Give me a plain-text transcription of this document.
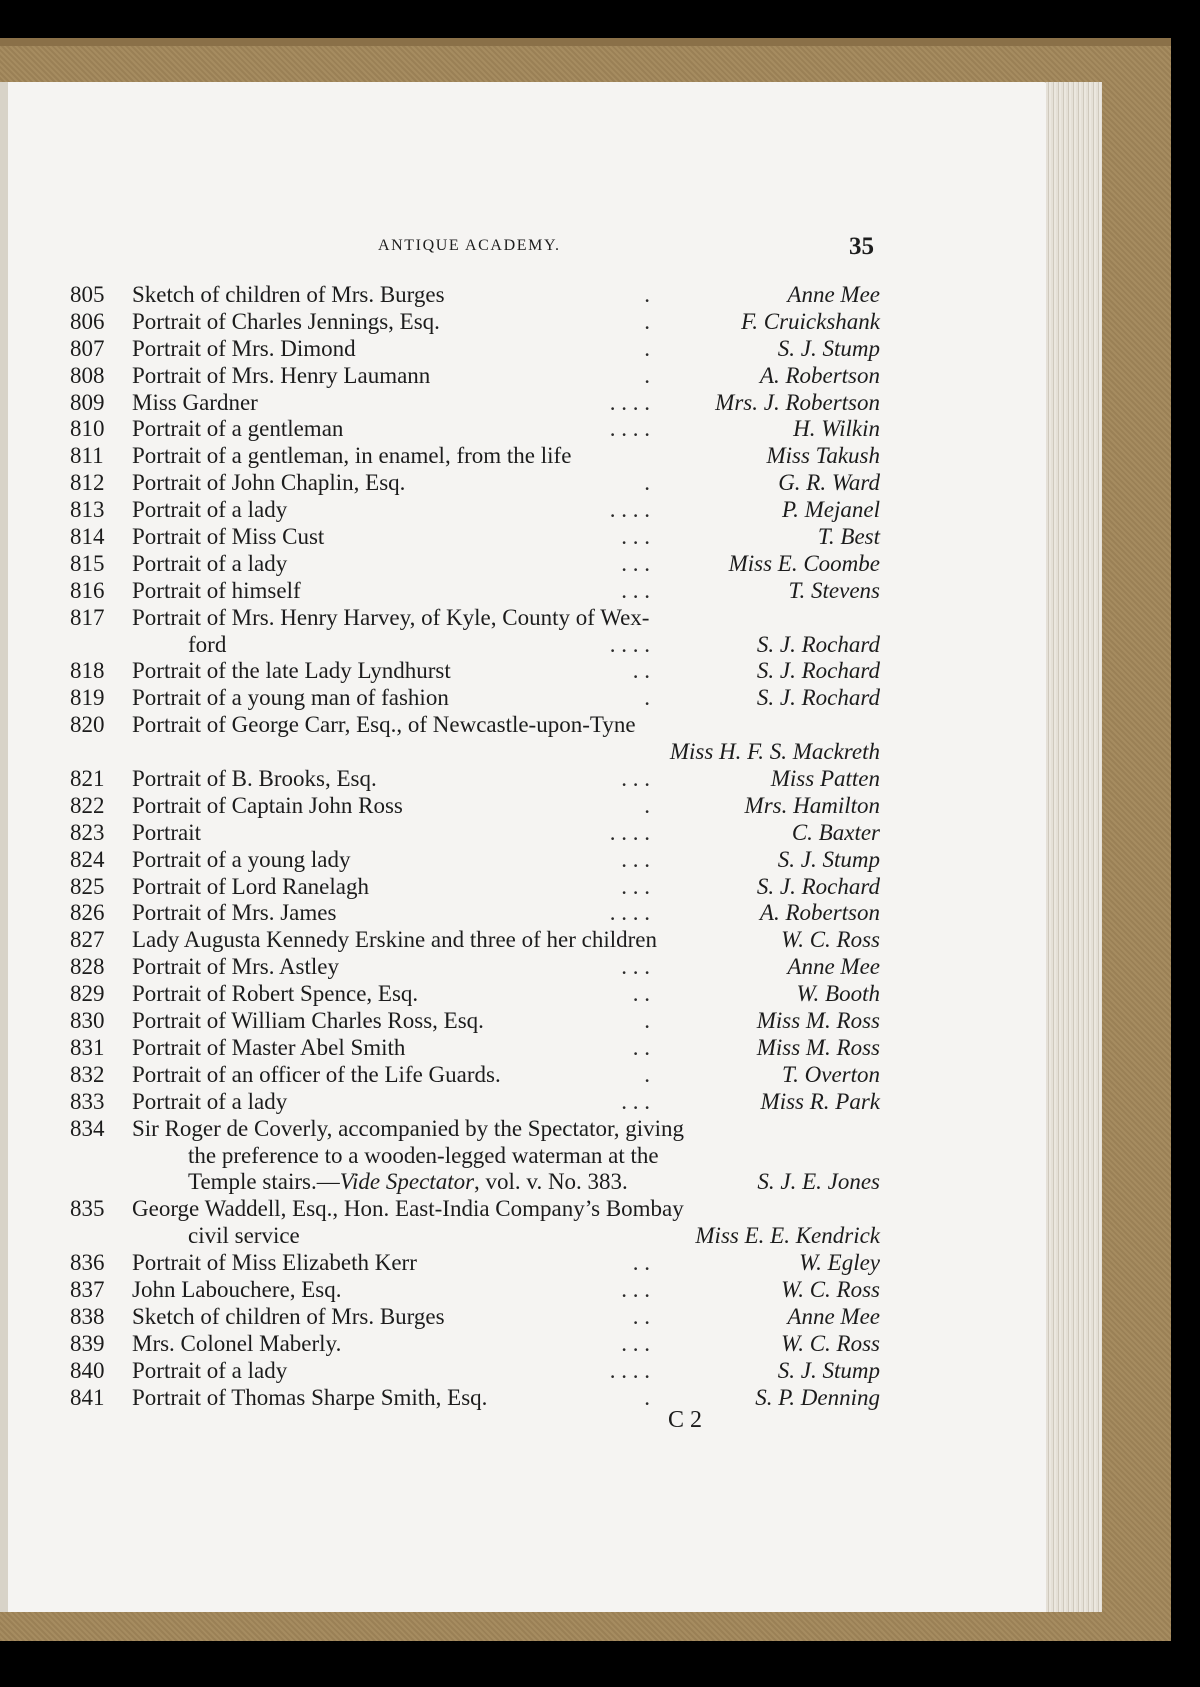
ANTIQUE ACADEMY.	35
805	Sketch of children of Mrs. Burges	.	Anne Mee
806	Portrait of Charles Jennings, Esq.	.	F. Cruickshank
807	Portrait of Mrs. Dimond	.	S. J. Stump
808	Portrait of Mrs. Henry Laumann	.	A. Robertson
809	Miss Gardner	. . . .	Mrs. J. Robertson
810	Portrait of a gentleman	. . . .	H. Wilkin
811	Portrait of a gentleman, in enamel, from the life	Miss Takush
812	Portrait of John Chaplin, Esq.	.	G. R. Ward
813	Portrait of a lady	. . . .	P. Mejanel
814	Portrait of Miss Cust	. . .	T. Best
815	Portrait of a lady	. . .	Miss E. Coombe
816	Portrait of himself	. . .	T. Stevens
817	Portrait of Mrs. Henry Harvey, of Kyle, County of Wex-
ford	. . . .	S. J. Rochard
818	Portrait of the late Lady Lyndhurst	. .	S. J. Rochard
819	Portrait of a young man of fashion	.	S. J. Rochard
820	Portrait of George Carr, Esq., of Newcastle-upon-Tyne
Miss H. F. S. Mackreth
821	Portrait of B. Brooks, Esq.	. . .	Miss Patten
822	Portrait of Captain John Ross	.	Mrs. Hamilton
823	Portrait	. . . .	C. Baxter
824	Portrait of a young lady	. . .	S. J. Stump
825	Portrait of Lord Ranelagh	. . .	S. J. Rochard
826	Portrait of Mrs. James	. . . .	A. Robertson
827	Lady Augusta Kennedy Erskine and three of her children	W. C. Ross
828	Portrait of Mrs. Astley	. . .	Anne Mee
829	Portrait of Robert Spence, Esq.	. .	W. Booth
830	Portrait of William Charles Ross, Esq.	.	Miss M. Ross
831	Portrait of Master Abel Smith	. .	Miss M. Ross
832	Portrait of an officer of the Life Guards.	.	T. Overton
833	Portrait of a lady	. . .	Miss R. Park
834	Sir Roger de Coverly, accompanied by the Spectator, giving
the preference to a wooden-legged waterman at the
Temple stairs.—Vide Spectator, vol. v. No. 383.	S. J. E. Jones
835	George Waddell, Esq., Hon. East-India Company’s Bombay
civil service	Miss E. E. Kendrick
836	Portrait of Miss Elizabeth Kerr	. .	W. Egley
837	John Labouchere, Esq.	. . .	W. C. Ross
838	Sketch of children of Mrs. Burges	. .	Anne Mee
839	Mrs. Colonel Maberly.	. . .	W. C. Ross
840	Portrait of a lady	. . . .	S. J. Stump
841	Portrait of Thomas Sharpe Smith, Esq.	.	S. P. Denning
C 2
